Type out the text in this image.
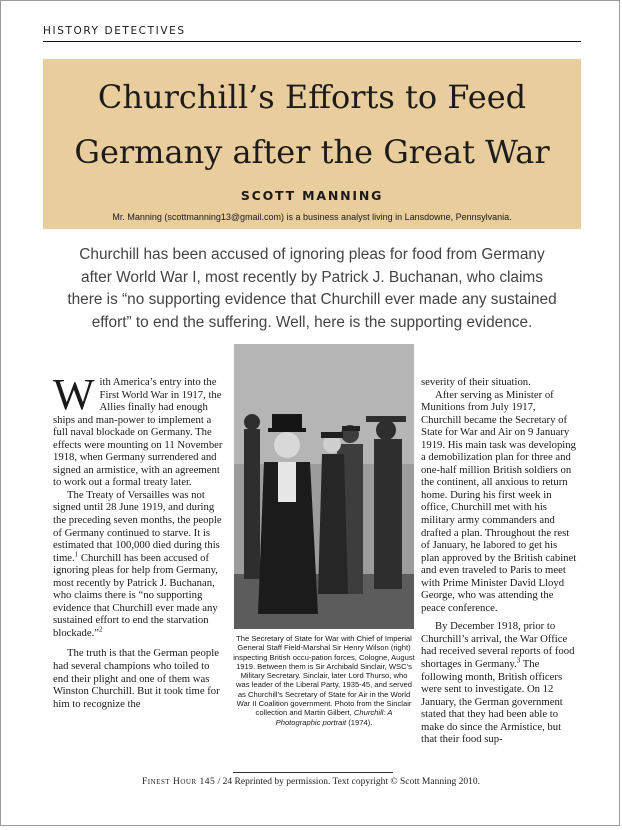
HISTORY DETECTIVES
Churchill’s Efforts to Feed
Germany after the Great War
SCOTT MANNING
Mr. Manning (scottmanning13@gmail.com) is a business analyst living in Lansdowne, Pennsylvania.
Churchill has been accused of ignoring pleas for food from Germany after World War I, most recently by Patrick J. Buchanan, who claims there is “no supporting evidence that Churchill ever made any sustained effort” to end the suffering. Well, here is the supporting evidence.

With America’s entry into the First World War in 1917, the Allies finally had enough ships and man-power to implement a full naval blockade on Germany. The effects were mounting on 11 November 1918, when Germany surrendered and signed an armistice, with an agreement to work out a formal treaty later.

The Treaty of Versailles was not signed until 28 June 1919, and during the preceding seven months, the people of Germany continued to starve. It is estimated that 100,000 died during this time.$^1$ Churchill has been accused of ignoring pleas for help from Germany, most recently by Patrick J. Buchanan, who claims there is “no supporting evidence that Churchill ever made any sustained effort to end the starvation blockade.”$^2$

The truth is that the German people had several champions who toiled to end their plight and one of them was Winston Churchill. But it took time for him to recognize the

The Secretary of State for War with Chief of Imperial General Staff Field-Marshal Sir Henry Wilson (right) inspecting British occu-pation forces, Cologne, August 1919. Between them is Sir Archibald Sinclair, WSC’s Military Secretary. Sinclair, later Lord Thurso, who was leader of the Liberal Party, 1935-45, and served as Churchill’s Secretary of State for Air in the World War II Coalition government. Photo from the Sinclair collection and Martin Gilbert, Churchill: A Photographic portrait (1974).

severity of their situation.

After serving as Minister of Munitions from July 1917, Churchill became the Secretary of State for War and Air on 9 January 1919. His main task was developing a demobilization plan for three and one-half million British soldiers on the continent, all anxious to return home. During his first week in office, Churchill met with his military army commanders and drafted a plan. Throughout the rest of January, he labored to get his plan approved by the British cabinet and even traveled to Paris to meet with Prime Minister David Lloyd George, who was attending the peace conference.

By December 1918, prior to Churchill’s arrival, the War Office had received several reports of food shortages in Germany.$^3$ The following month, British officers were sent to investigate. On 12 January, the German government stated that they had been able to make do since the Armistice, but that their food sup-

Finest Hour 145 / 24 Reprinted by permission. Text copyright © Scott Manning 2010.
